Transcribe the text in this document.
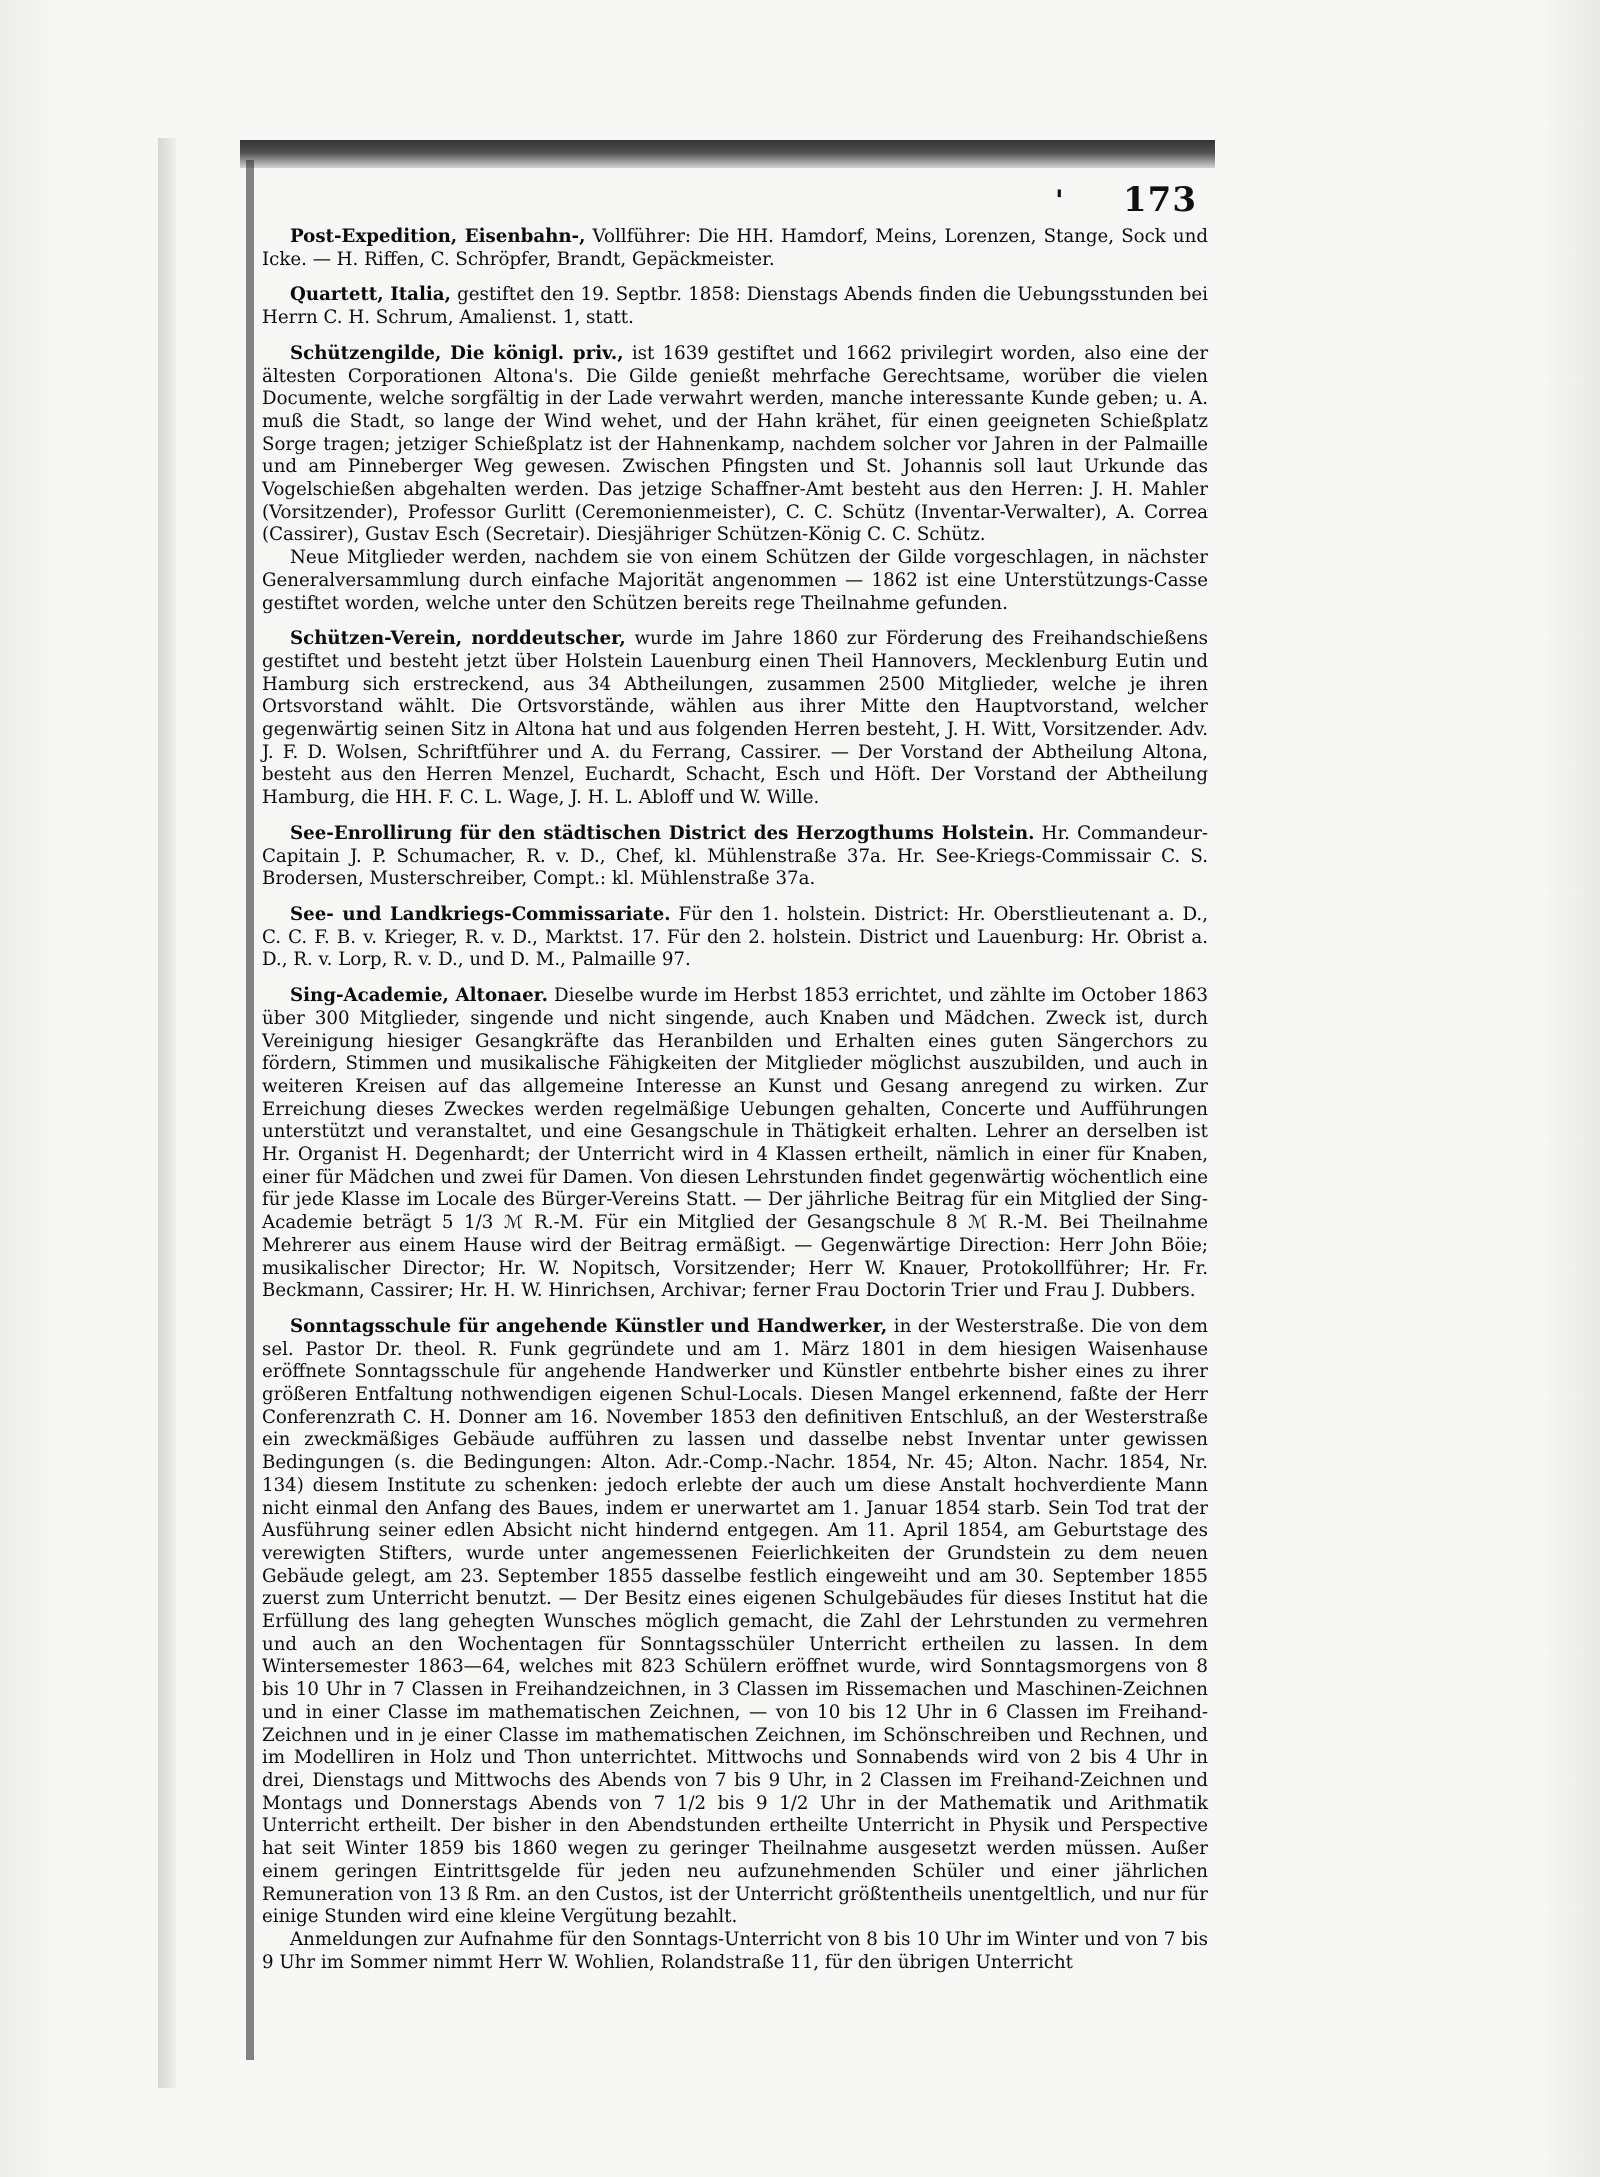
'	173

Post-Expedition, Eisenbahn-, Vollführer: Die HH. Hamdorf, Meins, Lorenzen, Stange, Sock und Icke. — H. Riffen, C. Schröpfer, Brandt, Gepäckmeister.

Quartett, Italia, gestiftet den 19. Septbr. 1858: Dienstags Abends finden die Uebungsstunden bei Herrn C. H. Schrum, Amalienst. 1, statt.

Schützengilde, Die königl. priv., ist 1639 gestiftet und 1662 privilegirt worden, also eine der ältesten Corporationen Altona's. Die Gilde genießt mehrfache Gerechtsame, worüber die vielen Documente, welche sorgfältig in der Lade verwahrt werden, manche interessante Kunde geben; u. A. muß die Stadt, so lange der Wind wehet, und der Hahn krähet, für einen geeigneten Schießplatz Sorge tragen; jetziger Schießplatz ist der Hahnenkamp, nachdem solcher vor Jahren in der Palmaille und am Pinneberger Weg gewesen. Zwischen Pfingsten und St. Johannis soll laut Urkunde das Vogelschießen abgehalten werden. Das jetzige Schaffner-Amt besteht aus den Herren: J. H. Mahler (Vorsitzender), Professor Gurlitt (Ceremonienmeister), C. C. Schütz (Inventar-Verwalter), A. Correa (Cassirer), Gustav Esch (Secretair). Diesjähriger Schützen-König C. C. Schütz.

Neue Mitglieder werden, nachdem sie von einem Schützen der Gilde vorgeschlagen, in nächster Generalversammlung durch einfache Majorität angenommen — 1862 ist eine Unterstützungs-Casse gestiftet worden, welche unter den Schützen bereits rege Theilnahme gefunden.

Schützen-Verein, norddeutscher, wurde im Jahre 1860 zur Förderung des Freihandschießens gestiftet und besteht jetzt über Holstein Lauenburg einen Theil Hannovers, Mecklenburg Eutin und Hamburg sich erstreckend, aus 34 Abtheilungen, zusammen 2500 Mitglieder, welche je ihren Ortsvorstand wählt. Die Ortsvorstände, wählen aus ihrer Mitte den Hauptvorstand, welcher gegenwärtig seinen Sitz in Altona hat und aus folgenden Herren besteht, J. H. Witt, Vorsitzender. Adv. J. F. D. Wolsen, Schriftführer und A. du Ferrang, Cassirer. — Der Vorstand der Abtheilung Altona, besteht aus den Herren Menzel, Euchardt, Schacht, Esch und Höft. Der Vorstand der Abtheilung Hamburg, die HH. F. C. L. Wage, J. H. L. Abloff und W. Wille.

See-Enrollirung für den städtischen District des Herzogthums Holstein. Hr. Commandeur-Capitain J. P. Schumacher, R. v. D., Chef, kl. Mühlenstraße 37a. Hr. See-Kriegs-Commissair C. S. Brodersen, Musterschreiber, Compt.: kl. Mühlenstraße 37a.

See- und Landkriegs-Commissariate. Für den 1. holstein. District: Hr. Oberstlieutenant a. D., C. C. F. B. v. Krieger, R. v. D., Marktst. 17. Für den 2. holstein. District und Lauenburg: Hr. Obrist a. D., R. v. Lorp, R. v. D., und D. M., Palmaille 97.

Sing-Academie, Altonaer. Dieselbe wurde im Herbst 1853 errichtet, und zählte im October 1863 über 300 Mitglieder, singende und nicht singende, auch Knaben und Mädchen. Zweck ist, durch Vereinigung hiesiger Gesangkräfte das Heranbilden und Erhalten eines guten Sängerchors zu fördern, Stimmen und musikalische Fähigkeiten der Mitglieder möglichst auszubilden, und auch in weiteren Kreisen auf das allgemeine Interesse an Kunst und Gesang anregend zu wirken. Zur Erreichung dieses Zweckes werden regelmäßige Uebungen gehalten, Concerte und Aufführungen unterstützt und veranstaltet, und eine Gesangschule in Thätigkeit erhalten. Lehrer an derselben ist Hr. Organist H. Degenhardt; der Unterricht wird in 4 Klassen ertheilt, nämlich in einer für Knaben, einer für Mädchen und zwei für Damen. Von diesen Lehrstunden findet gegenwärtig wöchentlich eine für jede Klasse im Locale des Bürger-Vereins Statt. — Der jährliche Beitrag für ein Mitglied der Sing-Academie beträgt 5 1/3 ℳ R.-M. Für ein Mitglied der Gesangschule 8 ℳ R.-M. Bei Theilnahme Mehrerer aus einem Hause wird der Beitrag ermäßigt. — Gegenwärtige Direction: Herr John Böie; musikalischer Director; Hr. W. Nopitsch, Vorsitzender; Herr W. Knauer, Protokollführer; Hr. Fr. Beckmann, Cassirer; Hr. H. W. Hinrichsen, Archivar; ferner Frau Doctorin Trier und Frau J. Dubbers.

Sonntagsschule für angehende Künstler und Handwerker, in der Westerstraße. Die von dem sel. Pastor Dr. theol. R. Funk gegründete und am 1. März 1801 in dem hiesigen Waisenhause eröffnete Sonntagsschule für angehende Handwerker und Künstler entbehrte bisher eines zu ihrer größeren Entfaltung nothwendigen eigenen Schul-Locals. Diesen Mangel erkennend, faßte der Herr Conferenzrath C. H. Donner am 16. November 1853 den definitiven Entschluß, an der Westerstraße ein zweckmäßiges Gebäude aufführen zu lassen und dasselbe nebst Inventar unter gewissen Bedingungen (s. die Bedingungen: Alton. Adr.-Comp.-Nachr. 1854, Nr. 45; Alton. Nachr. 1854, Nr. 134) diesem Institute zu schenken: jedoch erlebte der auch um diese Anstalt hochverdiente Mann nicht einmal den Anfang des Baues, indem er unerwartet am 1. Januar 1854 starb. Sein Tod trat der Ausführung seiner edlen Absicht nicht hindernd entgegen. Am 11. April 1854, am Geburtstage des verewigten Stifters, wurde unter angemessenen Feierlichkeiten der Grundstein zu dem neuen Gebäude gelegt, am 23. September 1855 dasselbe festlich eingeweiht und am 30. September 1855 zuerst zum Unterricht benutzt. — Der Besitz eines eigenen Schulgebäudes für dieses Institut hat die Erfüllung des lang gehegten Wunsches möglich gemacht, die Zahl der Lehrstunden zu vermehren und auch an den Wochentagen für Sonntagsschüler Unterricht ertheilen zu lassen. In dem Wintersemester 1863—64, welches mit 823 Schülern eröffnet wurde, wird Sonntagsmorgens von 8 bis 10 Uhr in 7 Classen in Freihandzeichnen, in 3 Classen im Rissemachen und Maschinen-Zeichnen und in einer Classe im mathematischen Zeichnen, — von 10 bis 12 Uhr in 6 Classen im Freihand-Zeichnen und in je einer Classe im mathematischen Zeichnen, im Schönschreiben und Rechnen, und im Modelliren in Holz und Thon unterrichtet. Mittwochs und Sonnabends wird von 2 bis 4 Uhr in drei, Dienstags und Mittwochs des Abends von 7 bis 9 Uhr, in 2 Classen im Freihand-Zeichnen und Montags und Donnerstags Abends von 7 1/2 bis 9 1/2 Uhr in der Mathematik und Arithmatik Unterricht ertheilt. Der bisher in den Abendstunden ertheilte Unterricht in Physik und Perspective hat seit Winter 1859 bis 1860 wegen zu geringer Theilnahme ausgesetzt werden müssen. Außer einem geringen Eintrittsgelde für jeden neu aufzunehmenden Schüler und einer jährlichen Remuneration von 13 ß Rm. an den Custos, ist der Unterricht größtentheils unentgeltlich, und nur für einige Stunden wird eine kleine Vergütung bezahlt.

Anmeldungen zur Aufnahme für den Sonntags-Unterricht von 8 bis 10 Uhr im Winter und von 7 bis 9 Uhr im Sommer nimmt Herr W. Wohlien, Rolandstraße 11, für den übrigen Unterricht
